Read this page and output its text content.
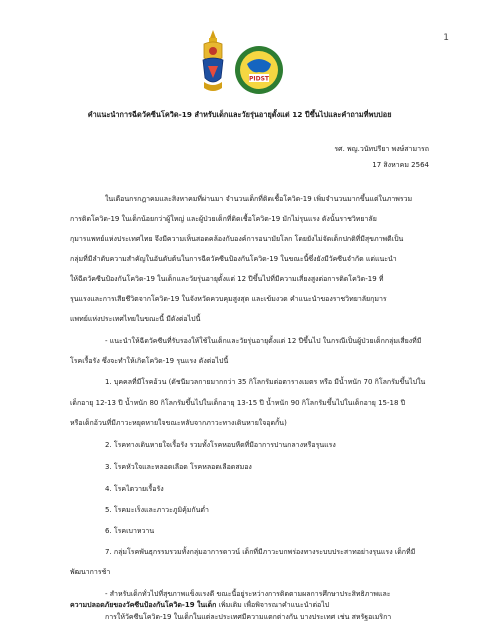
1
PIDST
คำแนะนำการฉีดวัคซีนโควิด-19 สำหรับเด็กและวัยรุ่นอายุตั้งแต่ 12 ปีขึ้นไปและคำถามที่พบบ่อย
รศ. พญ.วนัทปรียา พงษ์สามารถ
17 สิงหาคม 2564
ในเดือนกรกฎาคมและสิงหาคมที่ผ่านมา จำนวนเด็กที่ติดเชื้อโควิด-19 เพิ่มจำนวนมากขึ้นแต่ในภาพรวม
การติดโควิด-19 ในเด็กน้อยกว่าผู้ใหญ่ และผู้ป่วยเด็กที่ติดเชื้อโควิด-19 มักไม่รุนแรง ดังนั้นราชวิทยาลัย
กุมารแพทย์แห่งประเทศไทย จึงมีความเห็นสอดคล้องกับองค์การอนามัยโลก โดยยังไม่จัดเด็กปกติที่มีสุขภาพดีเป็น
กลุ่มที่มีลำดับความสำคัญในอันดับต้นในการฉีดวัคซีนป้องกันโควิด-19 ในขณะนี้ซึ่งยังมีวัคซีนจำกัด แต่แนะนำ
ให้ฉีดวัคซีนป้องกันโควิด-19 ในเด็กและวัยรุ่นอายุตั้งแต่ 12 ปีขึ้นไปที่มีความเสี่ยงสูงต่อการติดโควิด-19 ที่
รุนแรงและการเสียชีวิตจากโควิด-19 ในจังหวัดควบคุมสูงสุด และเข้มงวด คำแนะนำของราชวิทยาลัยกุมาร
แพทย์แห่งประเทศไทยในขณะนี้ มีดังต่อไปนี้
- แนะนำให้ฉีดวัคซีนที่รับรองให้ใช้ในเด็กและวัยรุ่นอายุตั้งแต่ 12 ปีขึ้นไป ในกรณีเป็นผู้ป่วยเด็กกลุ่มเสี่ยงที่มี
โรคเรื้อรัง ซึ่งจะทำให้เกิดโควิด-19 รุนแรง ดังต่อไปนี้
1. บุคคลที่มีโรคอ้วน (ดัชนีมวลกายมากกว่า 35 กิโลกรัมต่อตารางเมตร หรือ มีน้ำหนัก 70 กิโลกรัมขึ้นไปใน
เด็กอายุ 12-13 ปี น้ำหนัก 80 กิโลกรัมขึ้นไปในเด็กอายุ 13-15 ปี น้ำหนัก 90 กิโลกรัมขึ้นไปในเด็กอายุ 15-18 ปี
หรือเด็กอ้วนที่มีภาวะหยุดหายใจขณะหลับจากภาวะทางเดินหายใจอุดกั้น)
2. โรคทางเดินหายใจเรื้อรัง รวมทั้งโรคหอบหืดที่มีอาการปานกลางหรือรุนแรง
3. โรคหัวใจและหลอดเลือด โรคหลอดเลือดสมอง
4. โรคไตวายเรื้อรัง
5. โรคมะเร็งและภาวะภูมิคุ้มกันต่ำ
6. โรคเบาหวาน
7. กลุ่มโรคพันธุกรรมรวมทั้งกลุ่มอาการดาวน์ เด็กที่มีภาวะบกพร่องทางระบบประสาทอย่างรุนแรง เด็กที่มี
พัฒนาการช้า
- สำหรับเด็กทั่วไปที่สุขภาพแข็งแรงดี ขณะนี้อยู่ระหว่างการติดตามผลการศึกษาประสิทธิภาพและ
ความปลอดภัยของวัคซีนป้องกันโควิด-19 ในเด็ก เพิ่มเติม เพื่อพิจารณาคำแนะนำต่อไป
การให้วัคซีนโควิด-19 ในเด็กในแต่ละประเทศมีความแตกต่างกัน บางประเทศ เช่น สหรัฐอเมริกา
